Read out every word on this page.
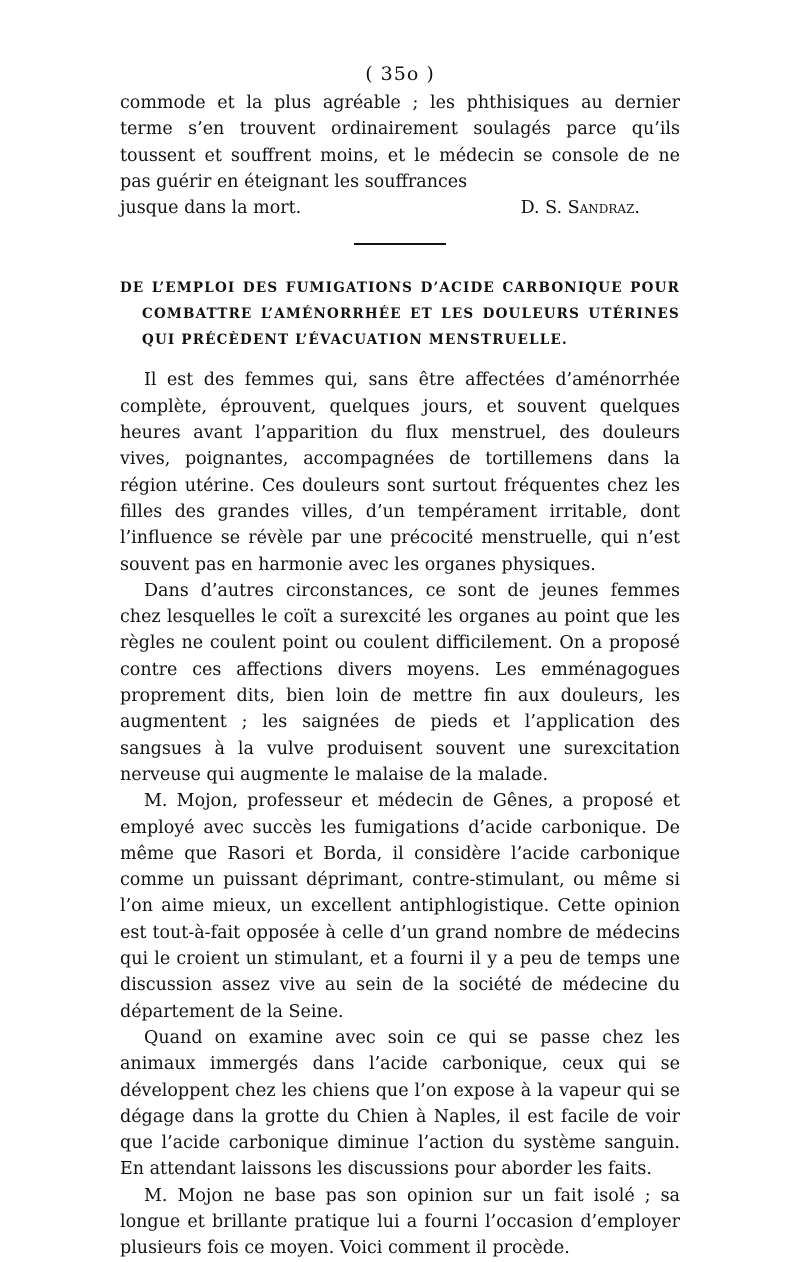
( 35o )

commode et la plus agréable ; les phthisiques au dernier terme s’en trouvent ordinairement soulagés parce qu’ils toussent et souffrent moins, et le médecin se console de ne pas guérir en éteignant les souffrances

jusque dans la mort.	D. S. Sandraz.

DE L’EMPLOI DES FUMIGATIONS D’ACIDE CARBONIQUE POUR COMBATTRE L’AMÉNORRHÉE ET LES DOULEURS UTÉRINES QUI PRÉCÈDENT L’ÉVACUATION MENSTRUELLE.

Il est des femmes qui, sans être affectées d’aménorrhée complète, éprouvent, quelques jours, et souvent quelques heures avant l’apparition du flux menstruel, des douleurs vives, poignantes, accompagnées de tortillemens dans la région utérine. Ces douleurs sont surtout fréquentes chez les filles des grandes villes, d’un tempérament irritable, dont l’influence se révèle par une précocité menstruelle, qui n’est souvent pas en harmonie avec les organes physiques.

Dans d’autres circonstances, ce sont de jeunes femmes chez lesquelles le coït a surexcité les organes au point que les règles ne coulent point ou coulent difficilement. On a proposé contre ces affections divers moyens. Les emménagogues proprement dits, bien loin de mettre fin aux douleurs, les augmentent ; les saignées de pieds et l’application des sangsues à la vulve produisent souvent une surexcitation nerveuse qui augmente le malaise de la malade.

M. Mojon, professeur et médecin de Gênes, a proposé et employé avec succès les fumigations d’acide carbonique. De même que Rasori et Borda, il considère l’acide carbonique comme un puissant déprimant, contre-stimulant, ou même si l’on aime mieux, un excellent antiphlogistique. Cette opinion est tout-à-fait opposée à celle d’un grand nombre de médecins qui le croient un stimulant, et a fourni il y a peu de temps une discussion assez vive au sein de la société de médecine du département de la Seine.

Quand on examine avec soin ce qui se passe chez les animaux immergés dans l’acide carbonique, ceux qui se développent chez les chiens que l’on expose à la vapeur qui se dégage dans la grotte du Chien à Naples, il est facile de voir que l’acide carbonique diminue l’action du système sanguin. En attendant laissons les discussions pour aborder les faits.

M. Mojon ne base pas son opinion sur un fait isolé ; sa longue et brillante pratique lui a fourni l’occasion d’employer plusieurs fois ce moyen. Voici comment il procède.
